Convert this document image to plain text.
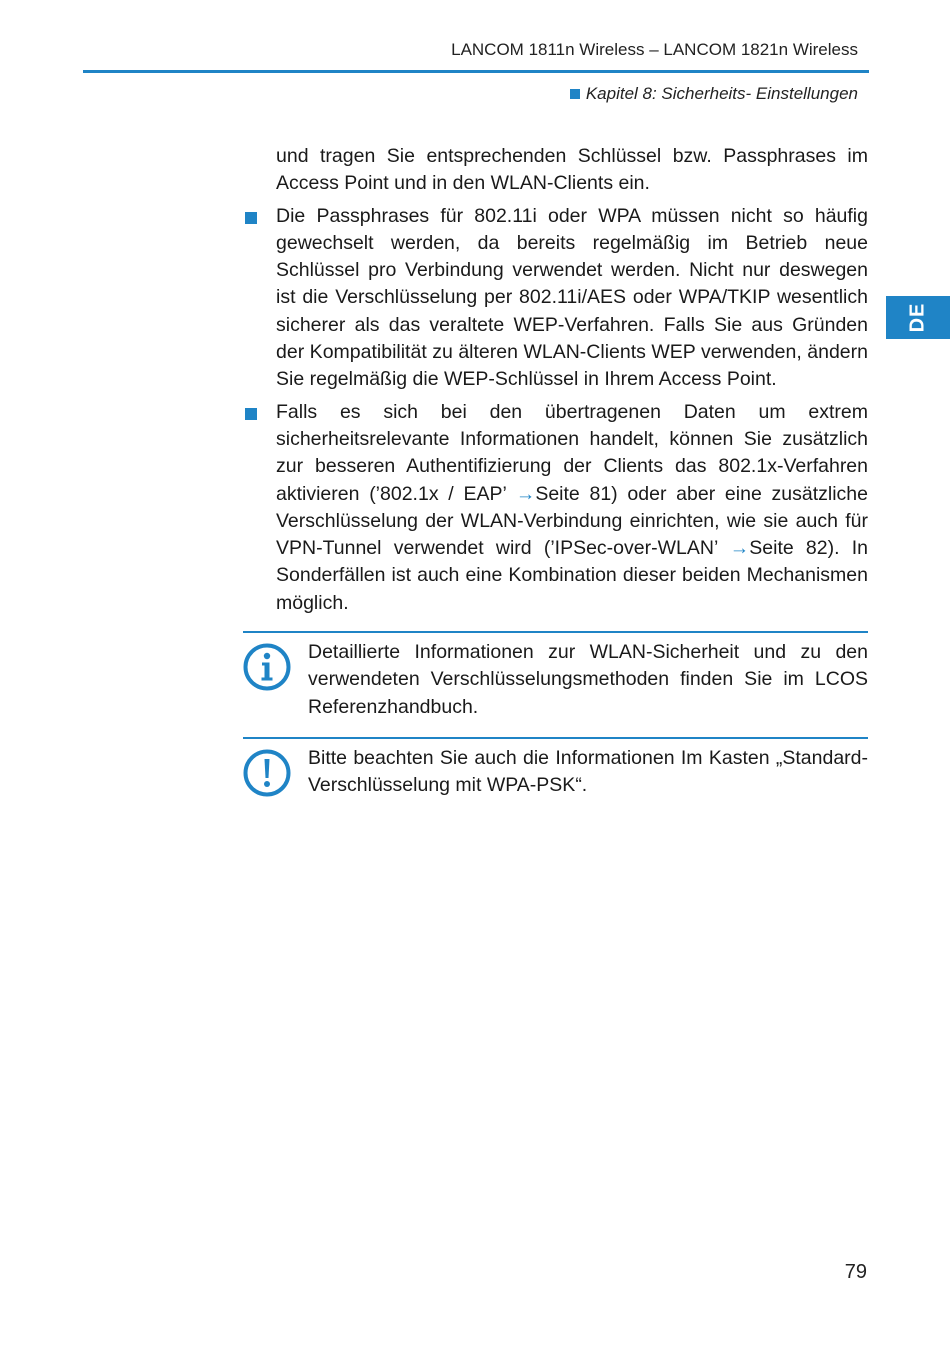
LANCOM 1811n Wireless – LANCOM 1821n Wireless
Kapitel 8: Sicherheits- Einstellungen
DE

und tragen Sie entsprechenden Schlüssel bzw. Passphrases im Access Point und in den WLAN-Clients ein.

Die Passphrases für 802.11i oder WPA müssen nicht so häufig gewechselt werden, da bereits regelmäßig im Betrieb neue Schlüssel pro Verbindung verwendet werden. Nicht nur deswegen ist die Verschlüsselung per 802.11i/AES oder WPA/TKIP wesentlich sicherer als das veraltete WEP-Verfahren. Falls Sie aus Gründen der Kompatibilität zu älteren WLAN-Clients WEP verwenden, ändern Sie regelmäßig die WEP-Schlüssel in Ihrem Access Point.
Falls es sich bei den übertragenen Daten um extrem sicherheitsrelevante Informationen handelt, können Sie zusätzlich zur besseren Authentifizierung der Clients das 802.1x-Verfahren aktivieren (’802.1x / EAP’ →Seite 81) oder aber eine zusätzliche Verschlüsselung der WLAN-Verbindung einrichten, wie sie auch für VPN-Tunnel verwendet wird (’IPSec-over-WLAN’ →Seite 82). In Sonderfällen ist auch eine Kombination dieser beiden Mechanismen möglich.
Detaillierte Informationen zur WLAN-Sicherheit und zu den verwendeten Verschlüsselungsmethoden finden Sie im LCOS Referenzhandbuch.
Bitte beachten Sie auch die Informationen Im Kasten „Standard-Verschlüsselung mit WPA-PSK“.
79
